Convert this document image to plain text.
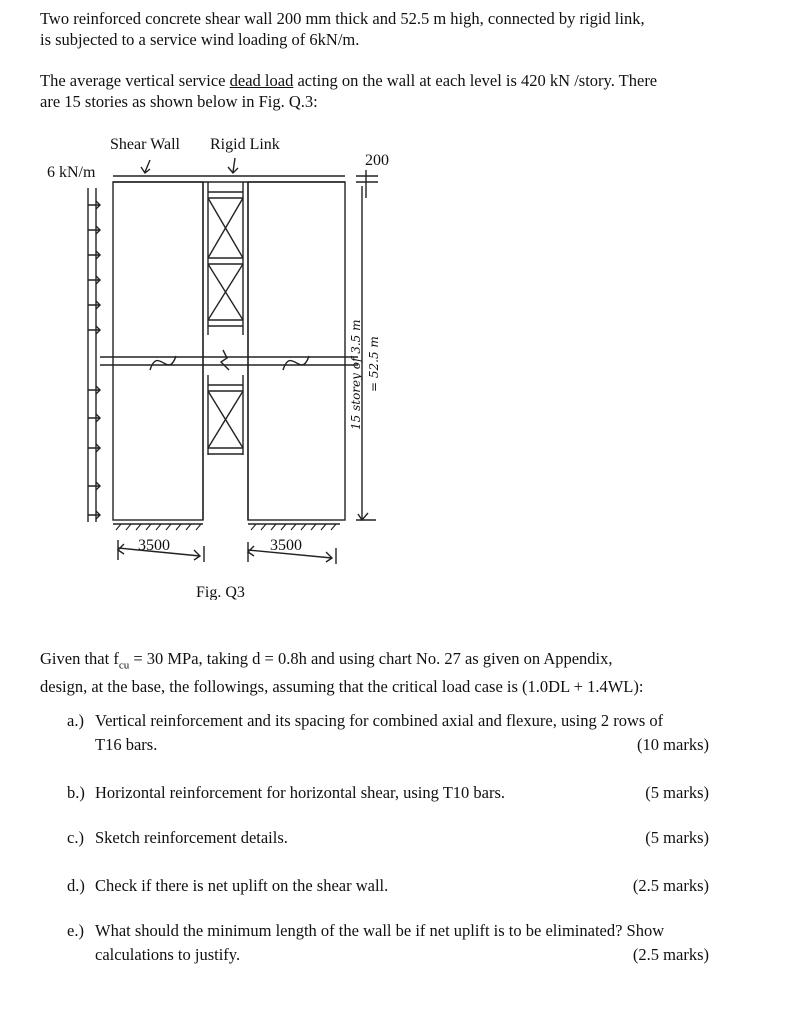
Two reinforced concrete shear wall 200 mm thick and 52.5 m high, connected by rigid link,
is subjected to a service wind loading of 6kN/m.

The average vertical service dead load acting on the wall at each level is 420 kN /story. There
are 15 stories as shown below in Fig. Q.3:

Shear Wall Rigid Link
6 kN/m
200
3500	3500
15 storey of 3.5 m = 52.5 m
Fig. Q3

Given that $f_{cu} = 30$ MPa, taking d = 0.8h and using chart No. 27 as given on Appendix,
design, at the base, the followings, assuming that the critical load case is (1.0DL + 1.4WL):

a.) Vertical reinforcement and its spacing for combined axial and flexure, using 2 rows of
T16 bars.	(10 marks)
b.) Horizontal reinforcement for horizontal shear, using T10 bars.	(5 marks)
c.) Sketch reinforcement details.	(5 marks)
d.) Check if there is net uplift on the shear wall.	(2.5 marks)
e.) What should the minimum length of the wall be if net uplift is to be eliminated? Show
calculations to justify.	(2.5 marks)
